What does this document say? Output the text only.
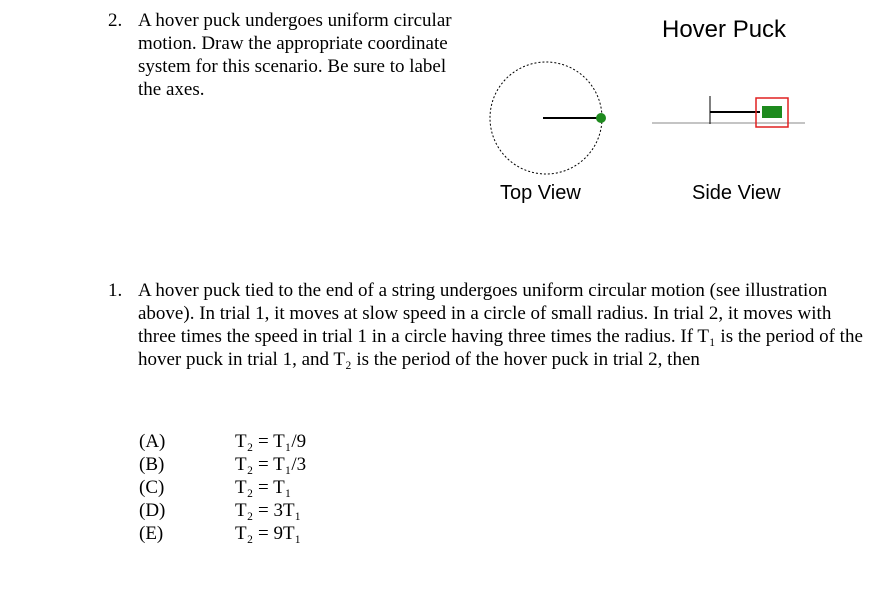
2. A hover puck undergoes uniform circular motion. Draw the appropriate coordinate system for this scenario. Be sure to label the axes.
Hover Puck
Top View	Side View
1. A hover puck tied to the end of a string undergoes uniform circular motion (see illustration above). In trial 1, it moves at slow speed in a circle of small radius. In trial 2, it moves with three times the speed in trial 1 in a circle having three times the radius. If T₁ is the period of the hover puck in trial 1, and T₂ is the period of the hover puck in trial 2, then
(A)	T₂ = T₁/9
(B)	T₂ = T₁/3
(C)	T₂ = T₁
(D)	T₂ = 3T₁
(E)	T₂ = 9T₁
